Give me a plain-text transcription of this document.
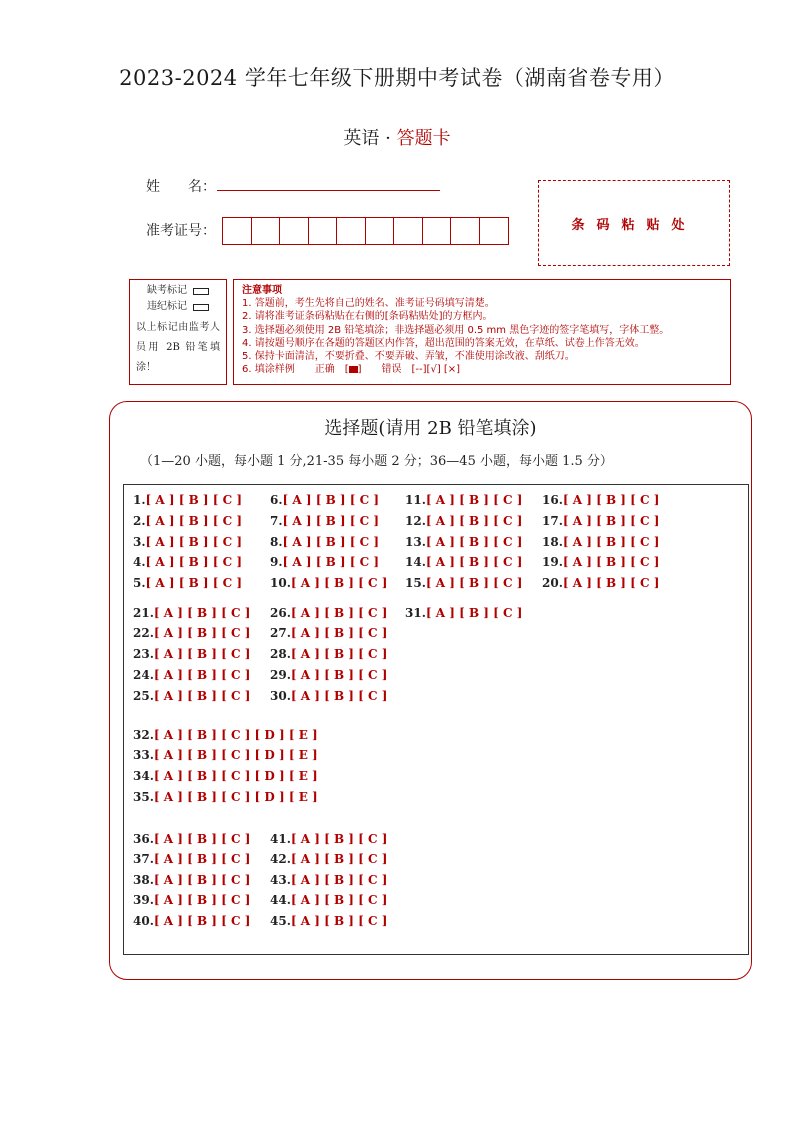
2023-2024 学年七年级下册期中考试卷（湖南省卷专用）
英语 · 答题卡
姓　　名：
准考证号：	条码粘贴处
缺考标记
违纪标记
以上标记由监考人员用 2B 铅笔填涂！
注意事项
1. 答题前，考生先将自己的姓名、准考证号码填写清楚。
2. 请将准考证条码粘贴在右侧的[条码粘贴处]的方框内。
3. 选择题必须使用 2B 铅笔填涂；非选择题必须用 0.5 mm 黑色字迹的签字笔填写，字体工整。
4. 请按题号顺序在各题的答题区内作答，超出范围的答案无效，在草纸、试卷上作答无效。
5. 保持卡面清洁，不要折叠、不要弄破、弄皱，不准使用涂改液、刮纸刀。
6. 填涂样例　　正确　[ ]　　错误　[--][√] [×]
选择题(请用 2B 铅笔填涂)
（1—20 小题，每小题 1 分,21-35 每小题 2 分；36—45 小题，每小题 1.5 分）
1.[ A ] [ B ] [ C ]
2.[ A ] [ B ] [ C ]
3.[ A ] [ B ] [ C ]
4.[ A ] [ B ] [ C ]
5.[ A ] [ B ] [ C ]
6.[ A ] [ B ] [ C ]
7.[ A ] [ B ] [ C ]
8.[ A ] [ B ] [ C ]
9.[ A ] [ B ] [ C ]
10.[ A ] [ B ] [ C ]
11.[ A ] [ B ] [ C ]
12.[ A ] [ B ] [ C ]
13.[ A ] [ B ] [ C ]
14.[ A ] [ B ] [ C ]
15.[ A ] [ B ] [ C ]
16.[ A ] [ B ] [ C ]
17.[ A ] [ B ] [ C ]
18.[ A ] [ B ] [ C ]
19.[ A ] [ B ] [ C ]
20.[ A ] [ B ] [ C ]
21.[ A ] [ B ] [ C ]
22.[ A ] [ B ] [ C ]
23.[ A ] [ B ] [ C ]
24.[ A ] [ B ] [ C ]
25.[ A ] [ B ] [ C ]
26.[ A ] [ B ] [ C ]
27.[ A ] [ B ] [ C ]
28.[ A ] [ B ] [ C ]
29.[ A ] [ B ] [ C ]
30.[ A ] [ B ] [ C ]
31.[ A ] [ B ] [ C ]
32.[ A ] [ B ] [ C ] [ D ] [ E ]
33.[ A ] [ B ] [ C ] [ D ] [ E ]
34.[ A ] [ B ] [ C ] [ D ] [ E ]
35.[ A ] [ B ] [ C ] [ D ] [ E ]
36.[ A ] [ B ] [ C ]
37.[ A ] [ B ] [ C ]
38.[ A ] [ B ] [ C ]
39.[ A ] [ B ] [ C ]
40.[ A ] [ B ] [ C ]
41.[ A ] [ B ] [ C ]
42.[ A ] [ B ] [ C ]
43.[ A ] [ B ] [ C ]
44.[ A ] [ B ] [ C ]
45.[ A ] [ B ] [ C ]
